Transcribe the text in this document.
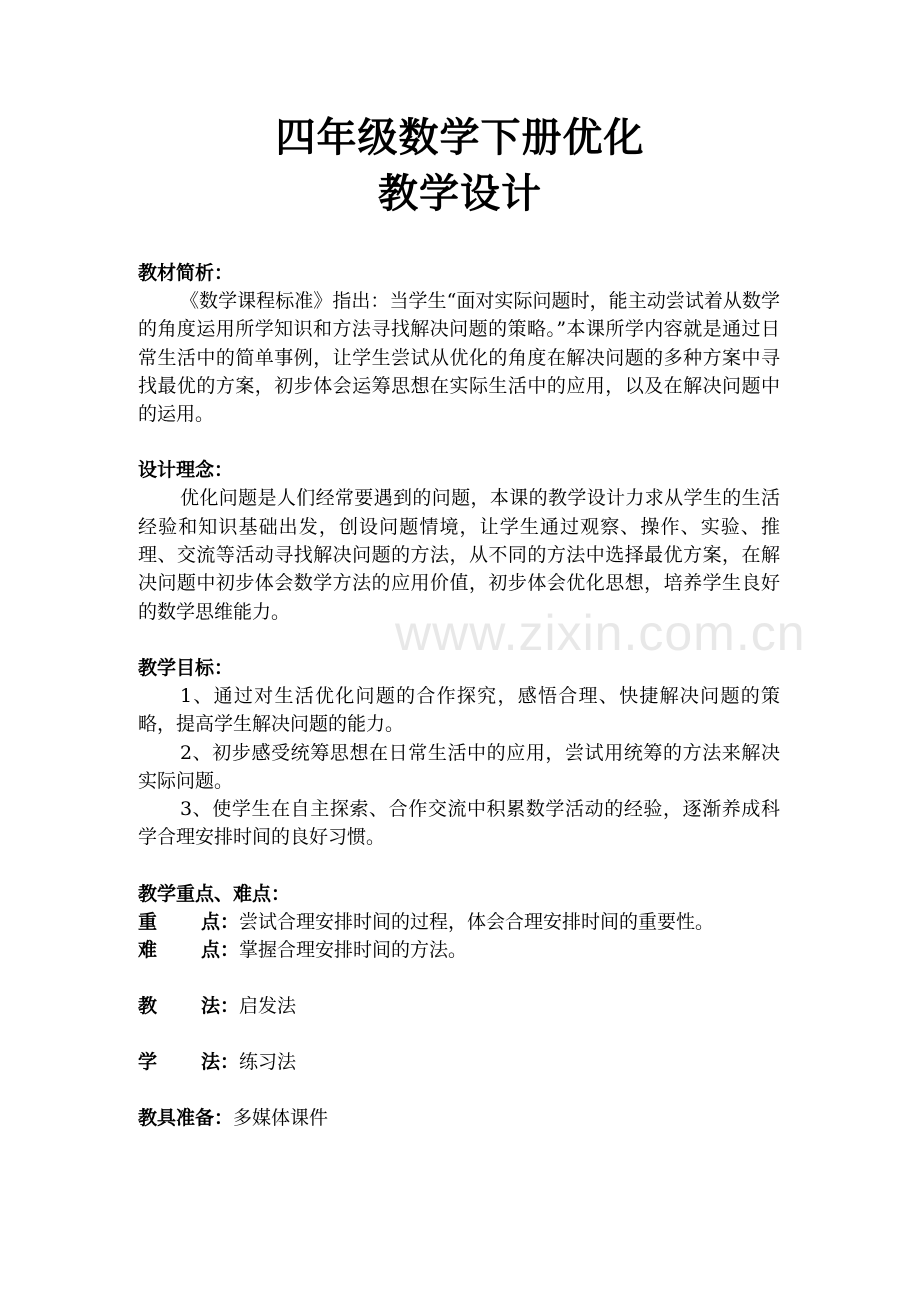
www.zixin.com.cn
四年级数学下册优化
教学设计

教材简析：

《数学课程标准》指出：当学生“面对实际问题时，能主动尝试着从数学的角度运用所学知识和方法寻找解决问题的策略。”本课所学内容就是通过日常生活中的简单事例，让学生尝试从优化的角度在解决问题的多种方案中寻找最优的方案，初步体会运筹思想在实际生活中的应用，以及在解决问题中的运用。

设计理念：

优化问题是人们经常要遇到的问题，本课的教学设计力求从学生的生活经验和知识基础出发，创设问题情境，让学生通过观察、操作、实验、推理、交流等活动寻找解决问题的方法，从不同的方法中选择最优方案，在解决问题中初步体会数学方法的应用价值，初步体会优化思想，培养学生良好的数学思维能力。

教学目标：

1、通过对生活优化问题的合作探究，感悟合理、快捷解决问题的策略，提高学生解决问题的能力。

2、初步感受统筹思想在日常生活中的应用，尝试用统筹的方法来解决实际问题。

3、使学生在自主探索、合作交流中积累数学活动的经验，逐渐养成科学合理安排时间的良好习惯。

教学重点、难点：

重点：尝试合理安排时间的过程，体会合理安排时间的重要性。

难点：掌握合理安排时间的方法。

教法：启发法

学法：练习法

教具准备：多媒体课件
